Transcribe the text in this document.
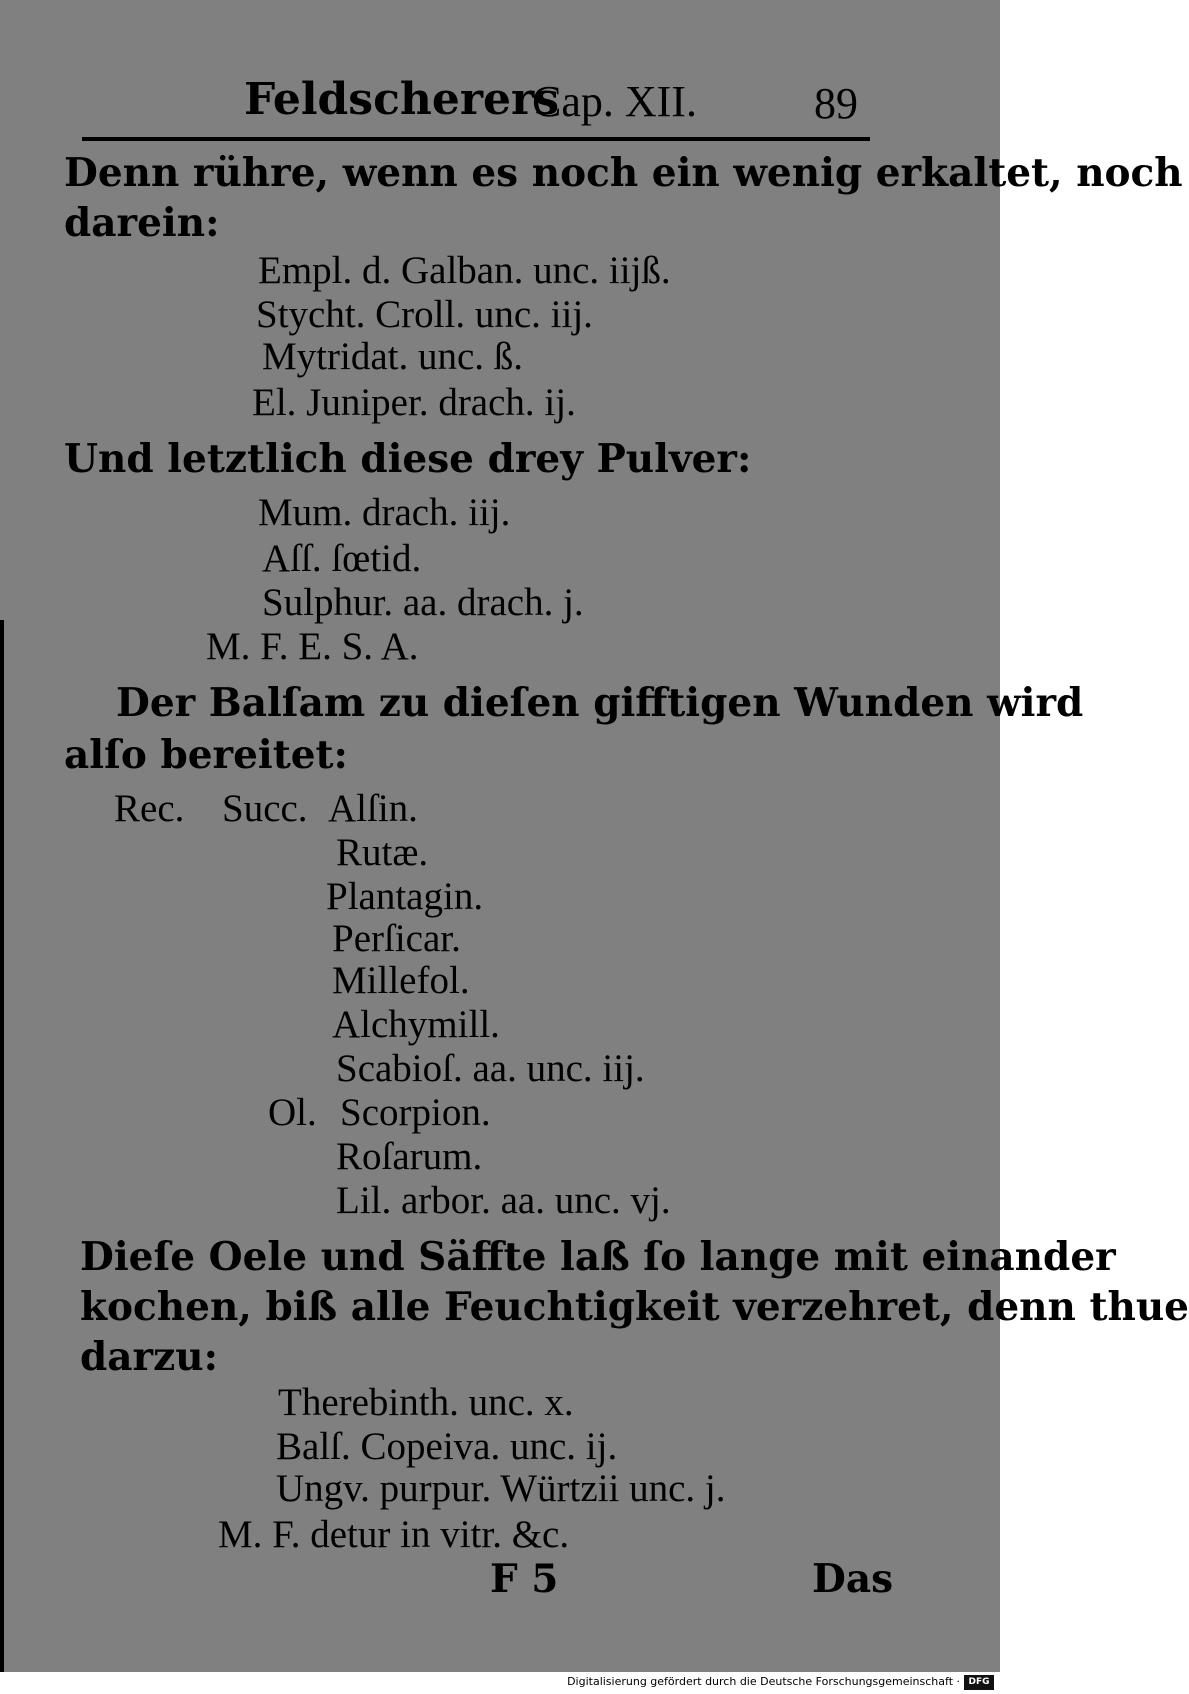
Feldscherers
Cap. XII.	89
Denn rühre, wenn es noch ein wenig erkaltet, noch
darein:
Empl. d. Galban. unc. iijß.
Stycht. Croll. unc. iij.
Mytridat. unc. ß.
El. Juniper. drach. ij.
Und letztlich diese drey Pulver:
Mum. drach. iij.
Aſſ. ſœtid.
Sulphur. aa. drach. j.
M. F. E. S. A.
Der Balſam zu dieſen gifftigen Wunden wird
alſo bereitet:
Rec. Succ. Alſin.
Rutæ.
Plantagin.
Perſicar.
Millefol.
Alchymill.
Scabioſ. aa. unc. iij.
Ol. Scorpion.
Roſarum.
Lil. arbor. aa. unc. vj.
Dieſe Oele und Säffte laß ſo lange mit einander
kochen, biß alle Feuchtigkeit verzehret, denn thue
darzu:
Therebinth. unc. x.
Balſ. Copeiva. unc. ij.
Ungv. purpur. Würtzii unc. j.
M. F. detur in vitr. &c.
F 5	Das
Digitalisierung gefördert durch die Deutsche Forschungsgemeinschaft · DFG
